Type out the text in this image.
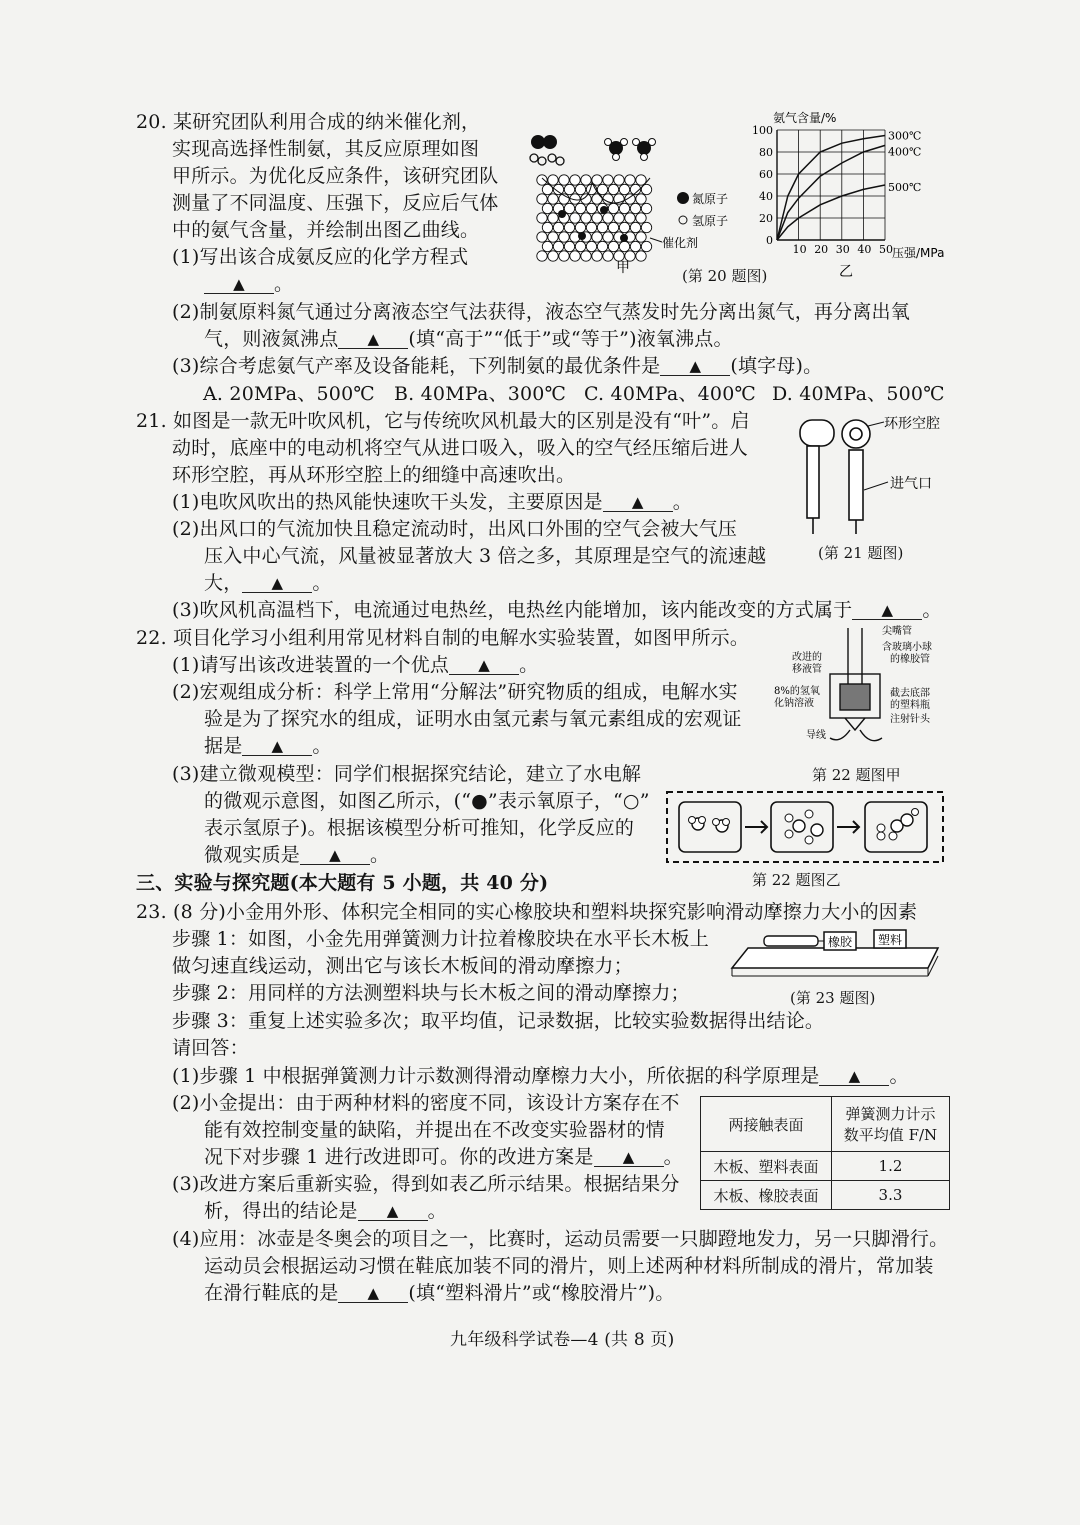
20. 某研究团队利用合成的纳米催化剂，
实现高选择性制氨，其反应原理如图
甲所示。为优化反应条件，该研究团队
测量了不同温度、压强下，反应后气体
中的氨气含量，并绘制出图乙曲线。
(1)写出该合成氨反应的化学方程式
▲。
(2)制氨原料氮气通过分离液态空气法获得，液态空气蒸发时先分离出氮气，再分离出氧
气，则液氮沸点 ▲	(填“高于”“低于”或“等于”)液氧沸点。
(3)综合考虑氨气产率及设备能耗，下列制氨的最优条件是 ▲	(填字母)。
A. 20MPa、500℃ B. 40MPa、300℃ C. 40MPa、400℃ D. 40MPa、500℃
氮原子
氢原子
催化剂
甲	(第 20 题图)
300℃
400℃
500℃
10 20 30 40 50
20
40
60
80
100
0
氨气含量/%
压强/MPa
乙
21. 如图是一款无叶吹风机，它与传统吹风机最大的区别是没有“叶”。启
动时，底座中的电动机将空气从进口吸入，吸入的空气经压缩后进人
环形空腔，再从环形空腔上的细缝中高速吹出。
(1)电吹风吹出的热风能快速吹干头发，主要原因是 ▲	。
(2)出风口的气流加快且稳定流动时，出风口外围的空气会被大气压
压入中心气流，风量被显著放大 3 倍之多，其原理是空气的流速越
大， ▲	。
(3)吹风机高温档下，电流通过电热丝，电热丝内能增加，该内能改变的方式属于 ▲	。
环形空腔
进气口
(第 21 题图)
22. 项目化学习小组利用常见材料自制的电解水实验装置，如图甲所示。
(1)请写出该改进装置的一个优点 ▲	。
(2)宏观组成分析：科学上常用“分解法”研究物质的组成，电解水实
验是为了探究水的组成，证明水由氢元素与氧元素组成的宏观证
据是 ▲	。
(3)建立微观模型：同学们根据探究结论，建立了水电解
的微观示意图，如图乙所示，(“●”表示氧原子，“○”
表示氢原子)。根据该模型分析可推知，化学反应的
微观实质是 ▲	。
尖嘴管
含玻璃小球
的橡胶管
改进的
移液管
8%的氢氧
化钠溶液
截去底部
的塑料瓶
注射针头
导线
第 22 题图甲
第 22 题图乙
三、实验与探究题(本大题有 5 小题，共 40 分)
23. (8 分)小金用外形、体积完全相同的实心橡胶块和塑料块探究影响滑动摩擦力大小的因素
步骤 1：如图，小金先用弹簧测力计拉着橡胶块在水平长木板上
做匀速直线运动，测出它与该长木板间的滑动摩擦力；
步骤 2：用同样的方法测塑料块与长木板之间的滑动摩擦力；
步骤 3：重复上述实验多次；取平均值，记录数据，比较实验数据得出结论。
请回答：
(1)步骤 1 中根据弹簧测力计示数测得滑动摩檫力大小，所依据的科学原理是 ▲	。
(2)小金提出：由于两种材料的密度不同，该设计方案存在不
能有效控制变量的缺陷，并提出在不改变实验器材的情
况下对步骤 1 进行改进即可。你的改进方案是 ▲	。
(3)改进方案后重新实验，得到如表乙所示结果。根据结果分
析，得出的结论是 ▲	。
(4)应用：冰壶是冬奥会的项目之一，比赛时，运动员需要一只脚蹬地发力，另一只脚滑行。
运动员会根据运动习惯在鞋底加装不同的滑片，则上述两种材料所制成的滑片，常加装
在滑行鞋底的是 ▲	(填“塑料滑片”或“橡胶滑片”)。
橡胶 塑料
(第 23 题图)
两接触表面	弹簧测力计示
数平均值 F/N
木板、塑料表面	1.2
木板、橡胶表面	3.3
九年级科学试卷—4 (共 8 页)
